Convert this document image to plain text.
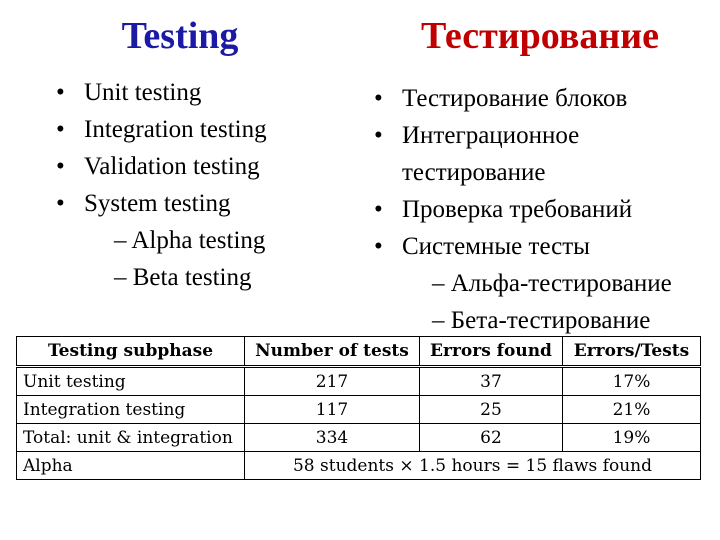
Testing	Тестирование
• Unit testing
• Integration testing
• Validation testing
• System testing
– Alpha testing
– Beta testing
• Тестирование блоков
• Интеграционное тестирование
• Проверка требований
• Системные тесты
– Альфа-тестирование
– Бета-тестирование
Testing subphase	Number of tests	Errors found	Errors/Tests
Unit testing	217	37	17%
Integration testing	117	25	21%
Total: unit & integration	334	62	19%
Alpha	58 students × 1.5 hours = 15 flaws found		
